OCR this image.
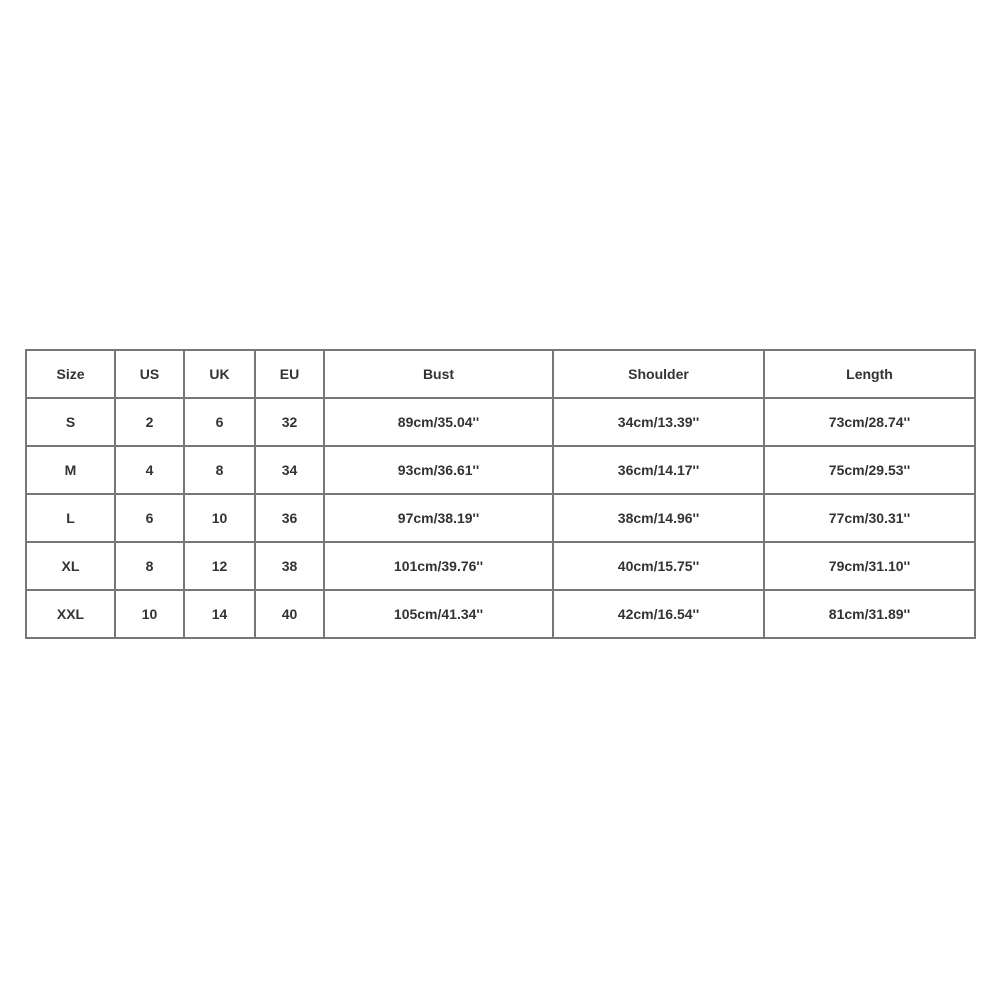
Size	US	UK	EU	Bust	Shoulder	Length
S	2	6	32	89cm/35.04''	34cm/13.39''	73cm/28.74''
M	4	8	34	93cm/36.61''	36cm/14.17''	75cm/29.53''
L	6	10	36	97cm/38.19''	38cm/14.96''	77cm/30.31''
XL	8	12	38	101cm/39.76''	40cm/15.75''	79cm/31.10''
XXL	10	14	40	105cm/41.34''	42cm/16.54''	81cm/31.89''
